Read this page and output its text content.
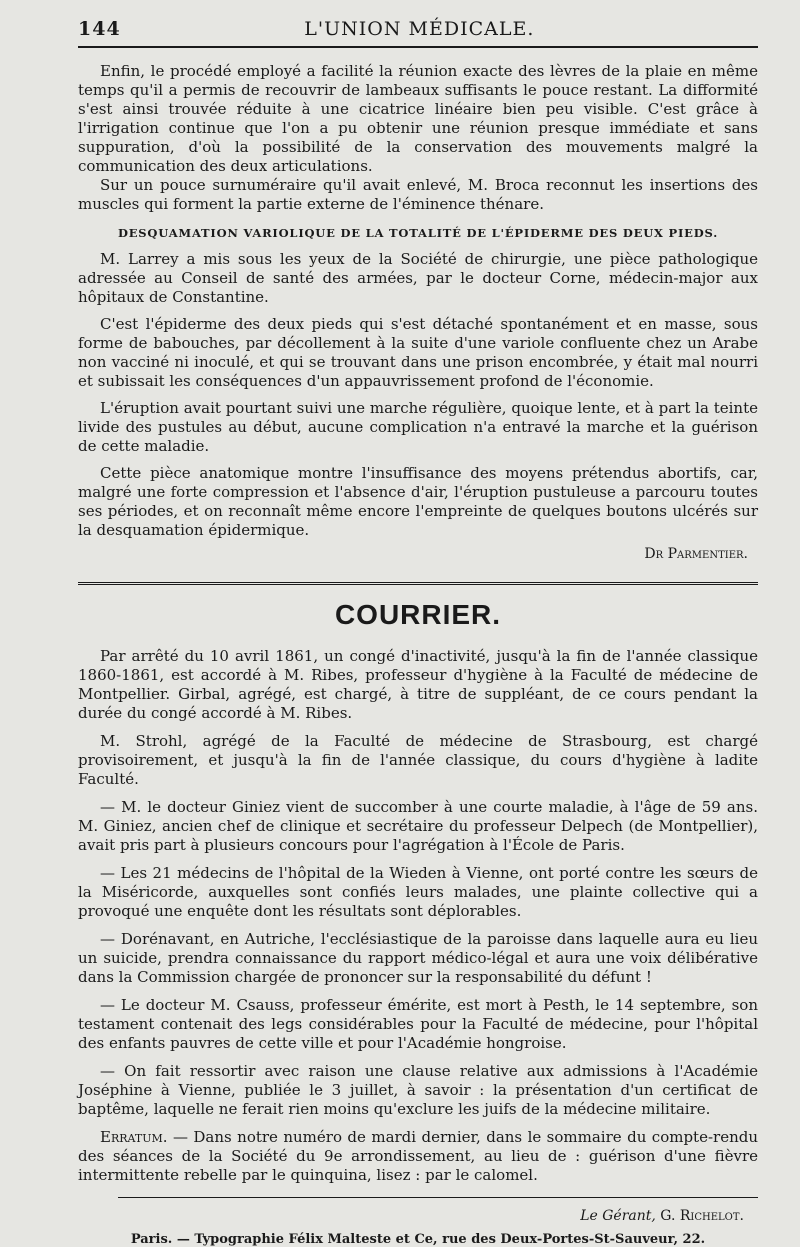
144	L'UNION MÉDICALE.

Enfin, le procédé employé a facilité la réunion exacte des lèvres de la plaie en même temps qu'il a permis de recouvrir de lambeaux suffisants le pouce restant. La difformité s'est ainsi trouvée réduite à une cicatrice linéaire bien peu visible. C'est grâce à l'irrigation continue que l'on a pu obtenir une réunion presque immédiate et sans suppuration, d'où la possibilité de la conservation des mouvements malgré la communication des deux articulations.

Sur un pouce surnuméraire qu'il avait enlevé, M. Broca reconnut les insertions des muscles qui forment la partie externe de l'éminence thénare.

DESQUAMATION VARIOLIQUE DE LA TOTALITÉ DE L'ÉPIDERME DES DEUX PIEDS.

M. Larrey a mis sous les yeux de la Société de chirurgie, une pièce pathologique adressée au Conseil de santé des armées, par le docteur Corne, médecin-major aux hôpitaux de Constantine.

C'est l'épiderme des deux pieds qui s'est détaché spontanément et en masse, sous forme de babouches, par décollement à la suite d'une variole confluente chez un Arabe non vacciné ni inoculé, et qui se trouvant dans une prison encombrée, y était mal nourri et subissait les conséquences d'un appauvrissement profond de l'économie.

L'éruption avait pourtant suivi une marche régulière, quoique lente, et à part la teinte livide des pustules au début, aucune complication n'a entravé la marche et la guérison de cette maladie.

Cette pièce anatomique montre l'insuffisance des moyens prétendus abortifs, car, malgré une forte compression et l'absence d'air, l'éruption pustuleuse a parcouru toutes ses périodes, et on reconnaît même encore l'empreinte de quelques boutons ulcérés sur la desquamation épidermique.

Dr Parmentier.
COURRIER.

Par arrêté du 10 avril 1861, un congé d'inactivité, jusqu'à la fin de l'année classique 1860-1861, est accordé à M. Ribes, professeur d'hygiène à la Faculté de médecine de Montpellier. Girbal, agrégé, est chargé, à titre de suppléant, de ce cours pendant la durée du congé accordé à M. Ribes.

M. Strohl, agrégé de la Faculté de médecine de Strasbourg, est chargé provisoirement, et jusqu'à la fin de l'année classique, du cours d'hygiène à ladite Faculté.

— M. le docteur Giniez vient de succomber à une courte maladie, à l'âge de 59 ans. M. Giniez, ancien chef de clinique et secrétaire du professeur Delpech (de Montpellier), avait pris part à plusieurs concours pour l'agrégation à l'École de Paris.

— Les 21 médecins de l'hôpital de la Wieden à Vienne, ont porté contre les sœurs de la Miséricorde, auxquelles sont confiés leurs malades, une plainte collective qui a provoqué une enquête dont les résultats sont déplorables.

— Dorénavant, en Autriche, l'ecclésiastique de la paroisse dans laquelle aura eu lieu un suicide, prendra connaissance du rapport médico-légal et aura une voix délibérative dans la Commission chargée de prononcer sur la responsabilité du défunt !

— Le docteur M. Csauss, professeur émérite, est mort à Pesth, le 14 septembre, son testament contenait des legs considérables pour la Faculté de médecine, pour l'hôpital des enfants pauvres de cette ville et pour l'Académie hongroise.

— On fait ressortir avec raison une clause relative aux admissions à l'Académie Joséphine à Vienne, publiée le 3 juillet, à savoir : la présentation d'un certificat de baptême, laquelle ne ferait rien moins qu'exclure les juifs de la médecine militaire.

Erratum. — Dans notre numéro de mardi dernier, dans le sommaire du compte-rendu des séances de la Société du 9e arrondissement, au lieu de : guérison d'une fièvre intermittente rebelle par le quinquina, lisez : par le calomel.

Le Gérant, G. Richelot.
Paris. — Typographie Félix Malteste et Ce, rue des Deux-Portes-St-Sauveur, 22.
